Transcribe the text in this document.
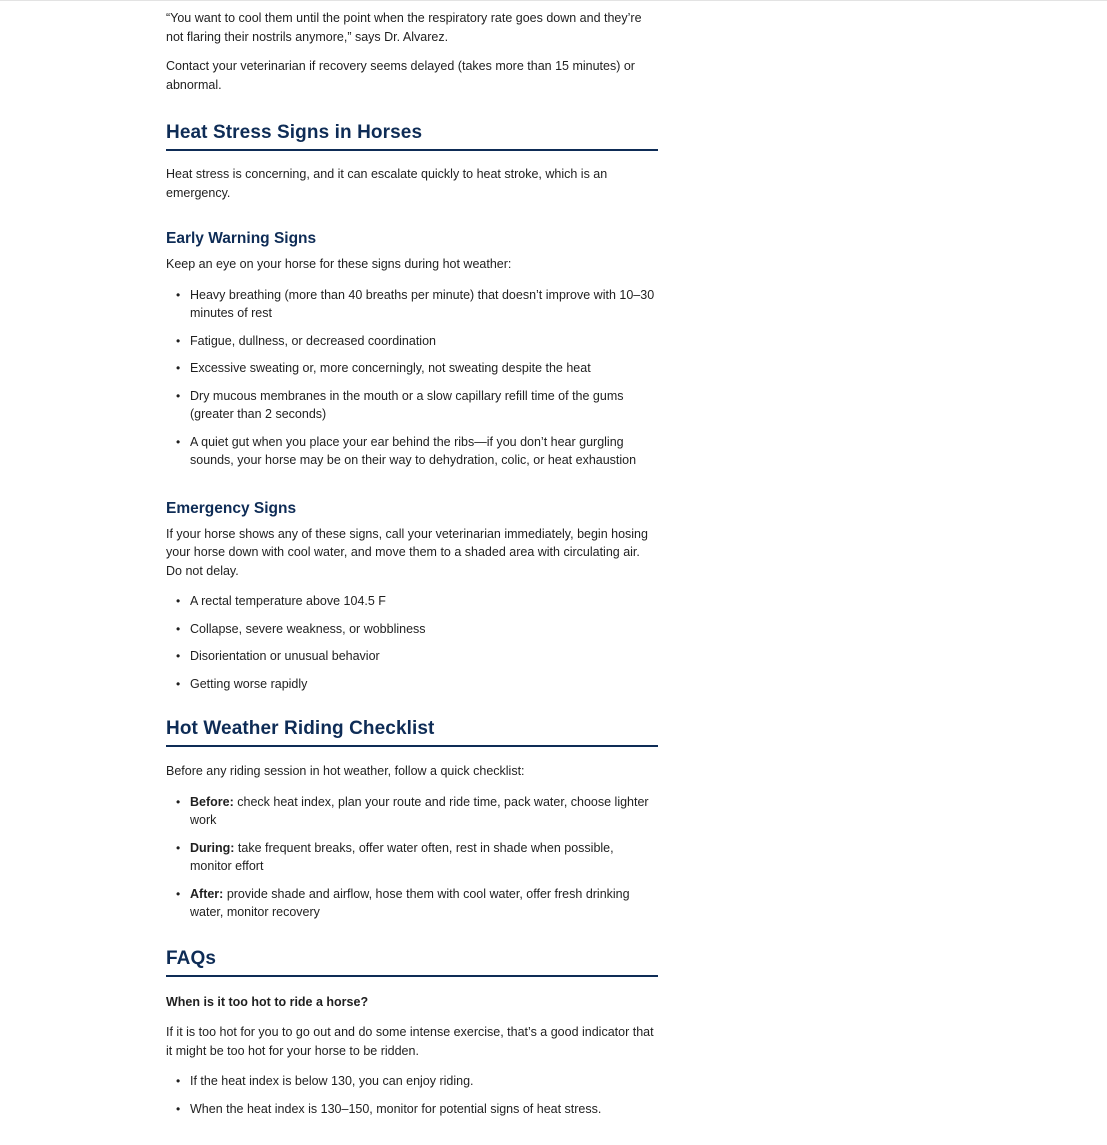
“You want to cool them until the point when the respiratory rate goes down and they’re not flaring their nostrils anymore,” says Dr. Alvarez.

Contact your veterinarian if recovery seems delayed (takes more than 15 minutes) or abnormal.

Heat Stress Signs in Horses

Heat stress is concerning, and it can escalate quickly to heat stroke, which is an emergency.

Early Warning Signs

Keep an eye on your horse for these signs during hot weather:

• Heavy breathing (more than 40 breaths per minute) that doesn’t improve with 10–30 minutes of rest
• Fatigue, dullness, or decreased coordination
• Excessive sweating or, more concerningly, not sweating despite the heat
• Dry mucous membranes in the mouth or a slow capillary refill time of the gums (greater than 2 seconds)
• A quiet gut when you place your ear behind the ribs—if you don’t hear gurgling sounds, your horse may be on their way to dehydration, colic, or heat exhaustion
Emergency Signs

If your horse shows any of these signs, call your veterinarian immediately, begin hosing your horse down with cool water, and move them to a shaded area with circulating air. Do not delay.

• A rectal temperature above 104.5 F
• Collapse, severe weakness, or wobbliness
• Disorientation or unusual behavior
• Getting worse rapidly
Hot Weather Riding Checklist

Before any riding session in hot weather, follow a quick checklist:

• Before: check heat index, plan your route and ride time, pack water, choose lighter work
• During: take frequent breaks, offer water often, rest in shade when possible, monitor effort
• After: provide shade and airflow, hose them with cool water, offer fresh drinking water, monitor recovery
FAQs

When is it too hot to ride a horse?

If it is too hot for you to go out and do some intense exercise, that’s a good indicator that it might be too hot for your horse to be ridden.

• If the heat index is below 130, you can enjoy riding.
• When the heat index is 130–150, monitor for potential signs of heat stress.
